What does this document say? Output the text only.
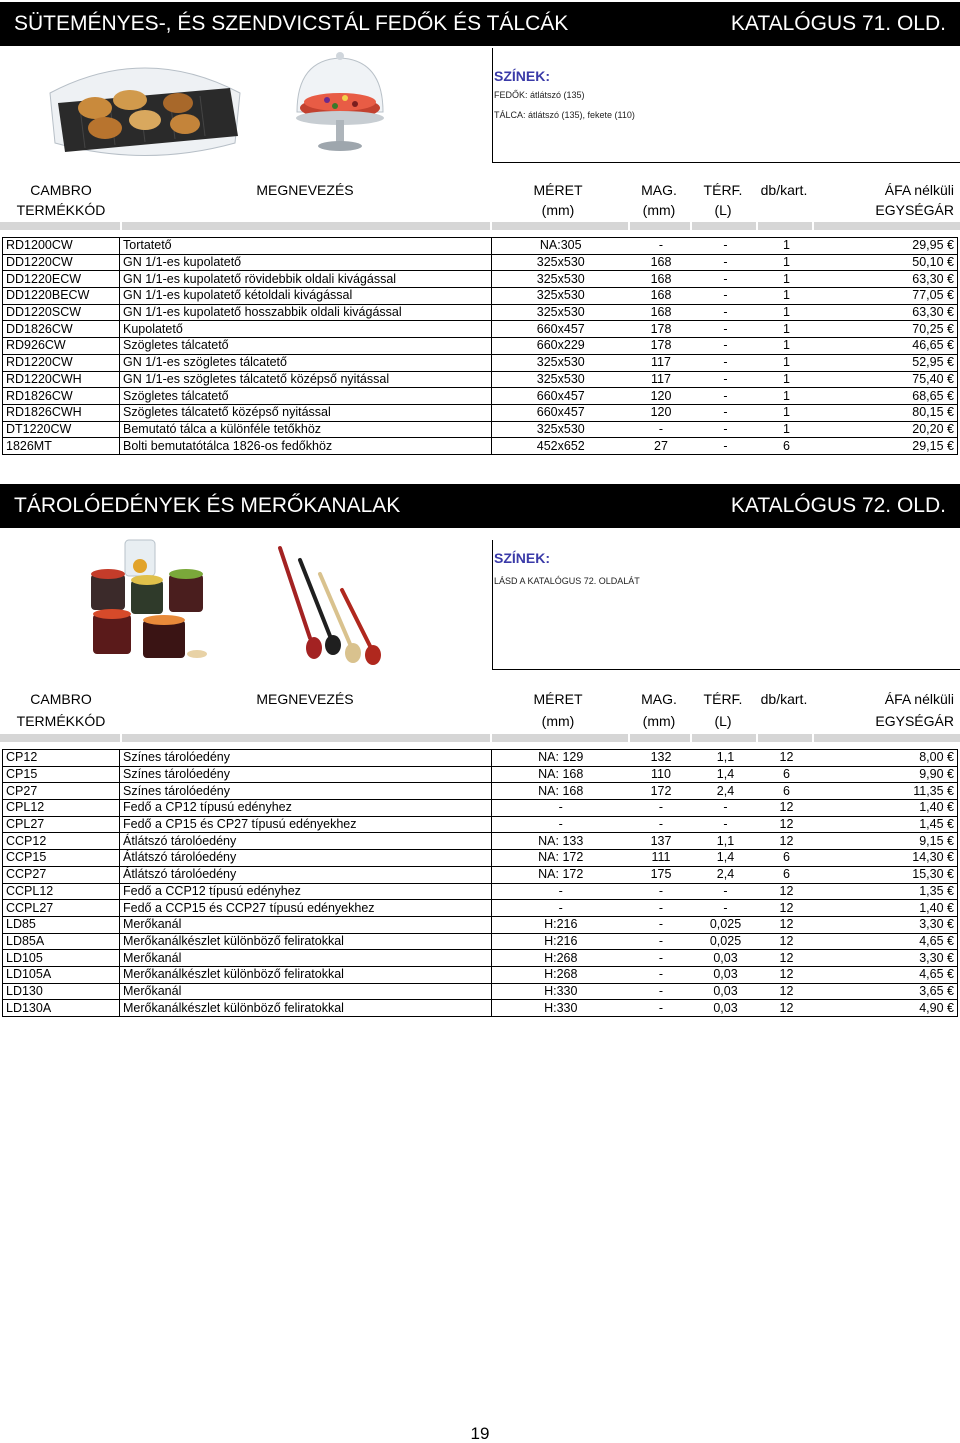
SÜTEMÉNYES-, ÉS SZENDVICSTÁL FEDŐK ÉS TÁLCÁK	KATALÓGUS 71. OLD.
SZÍNEK:
FEDŐK: átlátszó (135)
TÁLCA: átlátszó (135), fekete (110)
CAMBRO
TERMÉKKÓD
MEGNEVEZÉS	MÉRET
(mm)
MAG.
(mm)
TÉRF.
(L)
db/kart.	ÁFA nélküli
EGYSÉGÁR
RD1200CW	Tortatető	NA:305	-	-	1	29,95 €
DD1220CW	GN 1/1-es kupolatető	325x530	168	-	1	50,10 €
DD1220ECW	GN 1/1-es kupolatető rövidebbik oldali kivágással	325x530	168	-	1	63,30 €
DD1220BECW	GN 1/1-es kupolatető kétoldali kivágással	325x530	168	-	1	77,05 €
DD1220SCW	GN 1/1-es kupolatető hosszabbik oldali kivágással	325x530	168	-	1	63,30 €
DD1826CW	Kupolatető	660x457	178	-	1	70,25 €
RD926CW	Szögletes tálcatető	660x229	178	-	1	46,65 €
RD1220CW	GN 1/1-es szögletes tálcatető	325x530	117	-	1	52,95 €
RD1220CWH	GN 1/1-es szögletes tálcatető középső nyitással	325x530	117	-	1	75,40 €
RD1826CW	Szögletes tálcatető	660x457	120	-	1	68,65 €
RD1826CWH	Szögletes tálcatető középső nyitással	660x457	120	-	1	80,15 €
DT1220CW	Bemutató tálca a különféle tetőkhöz	325x530	-	-	1	20,20 €
1826MT	Bolti bemutatótálca 1826-os fedőkhöz	452x652	27	-	6	29,15 €
TÁROLÓEDÉNYEK ÉS MERŐKANALAK	KATALÓGUS 72. OLD.
SZÍNEK:
LÁSD A KATALÓGUS 72. OLDALÁT
CAMBRO
TERMÉKKÓD
MEGNEVEZÉS	MÉRET
(mm)
MAG.
(mm)
TÉRF.
(L)
db/kart.	ÁFA nélküli
EGYSÉGÁR
CP12	Színes tárolóedény	NA: 129	132	1,1	12	8,00 €
CP15	Színes tárolóedény	NA: 168	110	1,4	6	9,90 €
CP27	Színes tárolóedény	NA: 168	172	2,4	6	11,35 €
CPL12	Fedő a CP12 típusú edényhez	-	-	-	12	1,40 €
CPL27	Fedő a CP15 és CP27 típusú edényekhez	-	-	-	12	1,45 €
CCP12	Átlátszó tárolóedény	NA: 133	137	1,1	12	9,15 €
CCP15	Átlátszó tárolóedény	NA: 172	111	1,4	6	14,30 €
CCP27	Átlátszó tárolóedény	NA: 172	175	2,4	6	15,30 €
CCPL12	Fedő a CCP12 típusú edényhez	-	-	-	12	1,35 €
CCPL27	Fedő a CCP15 és CCP27 típusú edényekhez	-	-	-	12	1,40 €
LD85	Merőkanál	H:216	-	0,025	12	3,30 €
LD85A	Merőkanálkészlet különböző feliratokkal	H:216	-	0,025	12	4,65 €
LD105	Merőkanál	H:268	-	0,03	12	3,30 €
LD105A	Merőkanálkészlet különböző feliratokkal	H:268	-	0,03	12	4,65 €
LD130	Merőkanál	H:330	-	0,03	12	3,65 €
LD130A	Merőkanálkészlet különböző feliratokkal	H:330	-	0,03	12	4,90 €
19
